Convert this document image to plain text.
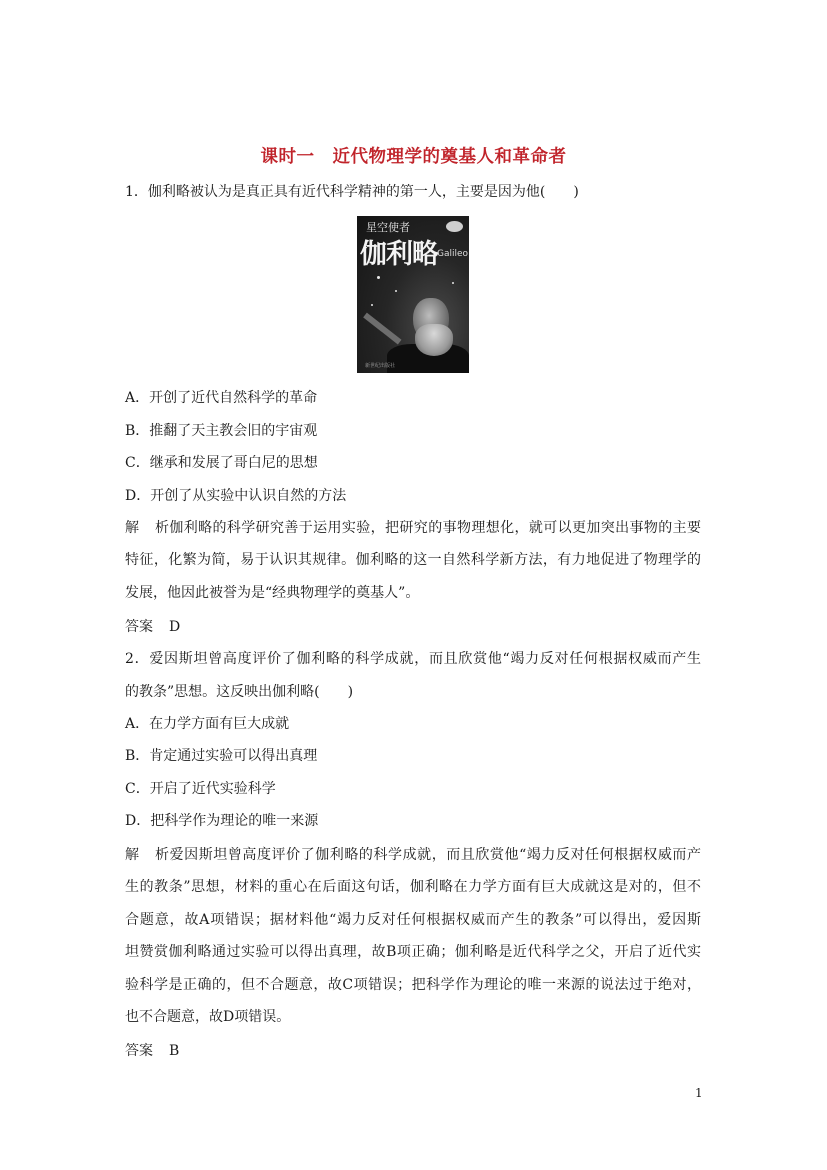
课时一　近代物理学的奠基人和革命者
1．伽利略被认为是真正具有近代科学精神的第一人，主要是因为他(　　)
星空使者
伽利略 Galileo
新世纪出版社
A．开创了近代自然科学的革命
B．推翻了天主教会旧的宇宙观
C．继承和发展了哥白尼的思想
D．开创了从实验中认识自然的方法
解析伽利略的科学研究善于运用实验，把研究的事物理想化，就可以更加突出事物的主要
特征，化繁为简，易于认识其规律。伽利略的这一自然科学新方法，有力地促进了物理学的
发展，他因此被誉为是“经典物理学的奠基人”。
答案 D
2．爱因斯坦曾高度评价了伽利略的科学成就，而且欣赏他“竭力反对任何根据权威而产生
的教条”思想。这反映出伽利略(　　)
A．在力学方面有巨大成就
B．肯定通过实验可以得出真理
C．开启了近代实验科学
D．把科学作为理论的唯一来源
解析爱因斯坦曾高度评价了伽利略的科学成就，而且欣赏他“竭力反对任何根据权威而产
生的教条”思想，材料的重心在后面这句话，伽利略在力学方面有巨大成就这是对的，但不
合题意，故A项错误；据材料他“竭力反对任何根据权威而产生的教条”可以得出，爱因斯
坦赞赏伽利略通过实验可以得出真理，故B项正确；伽利略是近代科学之父，开启了近代实
验科学是正确的，但不合题意，故C项错误；把科学作为理论的唯一来源的说法过于绝对，
也不合题意，故D项错误。
答案 B
1
